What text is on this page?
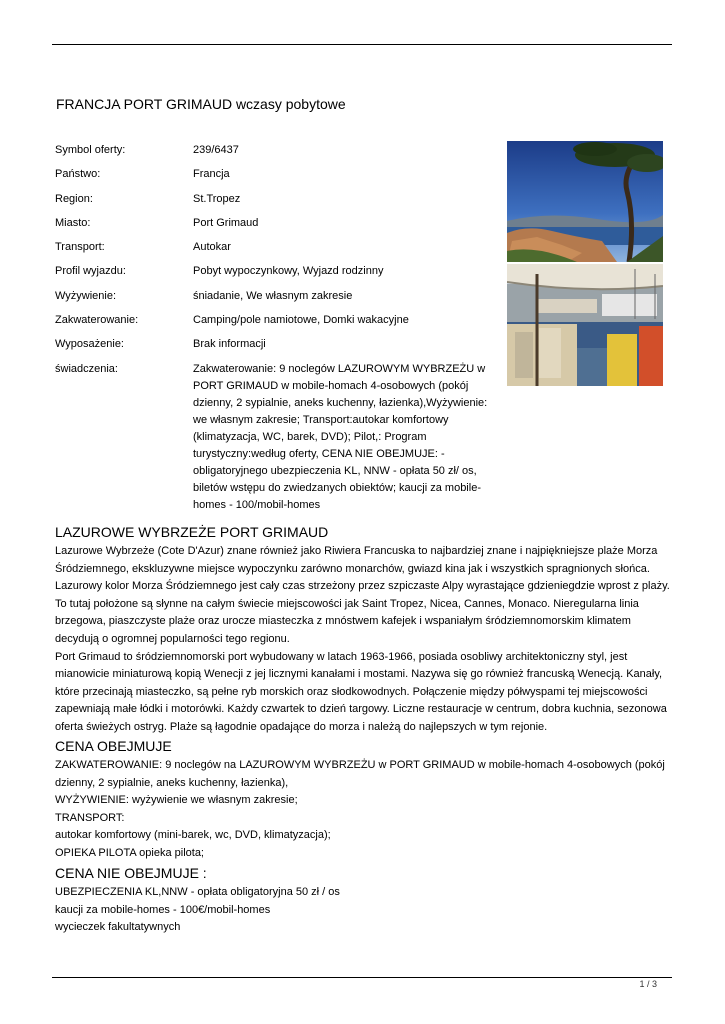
FRANCJA PORT GRIMAUD wczasy pobytowe
Symbol oferty:	239/6437
Państwo:	Francja
Region:	St.Tropez
Miasto:	Port Grimaud
Transport:	Autokar
Profil wyjazdu:	Pobyt wypoczynkowy, Wyjazd rodzinny
Wyżywienie:	śniadanie, We własnym zakresie
Zakwaterowanie:	Camping/pole namiotowe, Domki wakacyjne
Wyposażenie:	Brak informacji
świadczenia:	Zakwaterowanie: 9 noclegów LAZUROWYM WYBRZEŻU w PORT GRIMAUD w mobile-homach 4-osobowych (pokój dzienny, 2 sypialnie, aneks kuchenny, łazienka),Wyżywienie: we własnym zakresie; Transport:autokar komfortowy (klimatyzacja, WC, barek, DVD); Pilot,: Program turystyczny:według oferty, CENA NIE OBEJMUJE: -obligatoryjnego ubezpieczenia KL, NNW - opłata 50 zł/ os, biletów wstępu do zwiedzanych obiektów; kaucji za mobile-homes - 100/mobil-homes
LAZUROWE WYBRZEŻE PORT GRIMAUD

Lazurowe Wybrzeże (Cote D'Azur) znane również jako Riwiera Francuska to najbardziej znane i najpiękniejsze plaże Morza Śródziemnego, ekskluzywne miejsce wypoczynku zarówno monarchów, gwiazd kina jak i wszystkich spragnionych słońca. Lazurowy kolor Morza Śródziemnego jest cały czas strzeżony przez szpiczaste Alpy wyrastające gdzieniegdzie wprost z plaży. To tutaj położone są słynne na całym świecie miejscowości jak Saint Tropez, Nicea, Cannes, Monaco. Nieregularna linia brzegowa, piaszczyste plaże oraz urocze miasteczka z mnóstwem kafejek i wspaniałym śródziemnomorskim klimatem decydują o ogromnej popularności tego regionu.

Port Grimaud to śródziemnomorski port wybudowany w latach 1963-1966, posiada osobliwy architektoniczny styl, jest mianowicie miniaturową kopią Wenecji z jej licznymi kanałami i mostami. Nazywa się go również francuską Wenecją. Kanały, które przecinają miasteczko, są pełne ryb morskich oraz słodkowodnych. Połączenie między półwyspami tej miejscowości zapewniają małe łódki i motorówki. Każdy czwartek to dzień targowy. Liczne restauracje w centrum, dobra kuchnia, sezonowa oferta świeżych ostryg. Plaże są łagodnie opadające do morza i należą do najlepszych w tym rejonie.

CENA OBEJMUJE

ZAKWATEROWANIE: 9 noclegów na LAZUROWYM WYBRZEŻU w PORT GRIMAUD w mobile-homach 4-osobowych (pokój dzienny, 2 sypialnie, aneks kuchenny, łazienka),

WYŻYWIENIE: wyżywienie we własnym zakresie;

TRANSPORT:

autokar komfortowy (mini-barek, wc, DVD, klimatyzacja);

OPIEKA PILOTA opieka pilota;

CENA NIE OBEJMUJE :

UBEZPIECZENIA KL,NNW - opłata obligatoryjna 50 zł / os

kaucji za mobile-homes - 100€/mobil-homes

wycieczek fakultatywnych

1 / 3
